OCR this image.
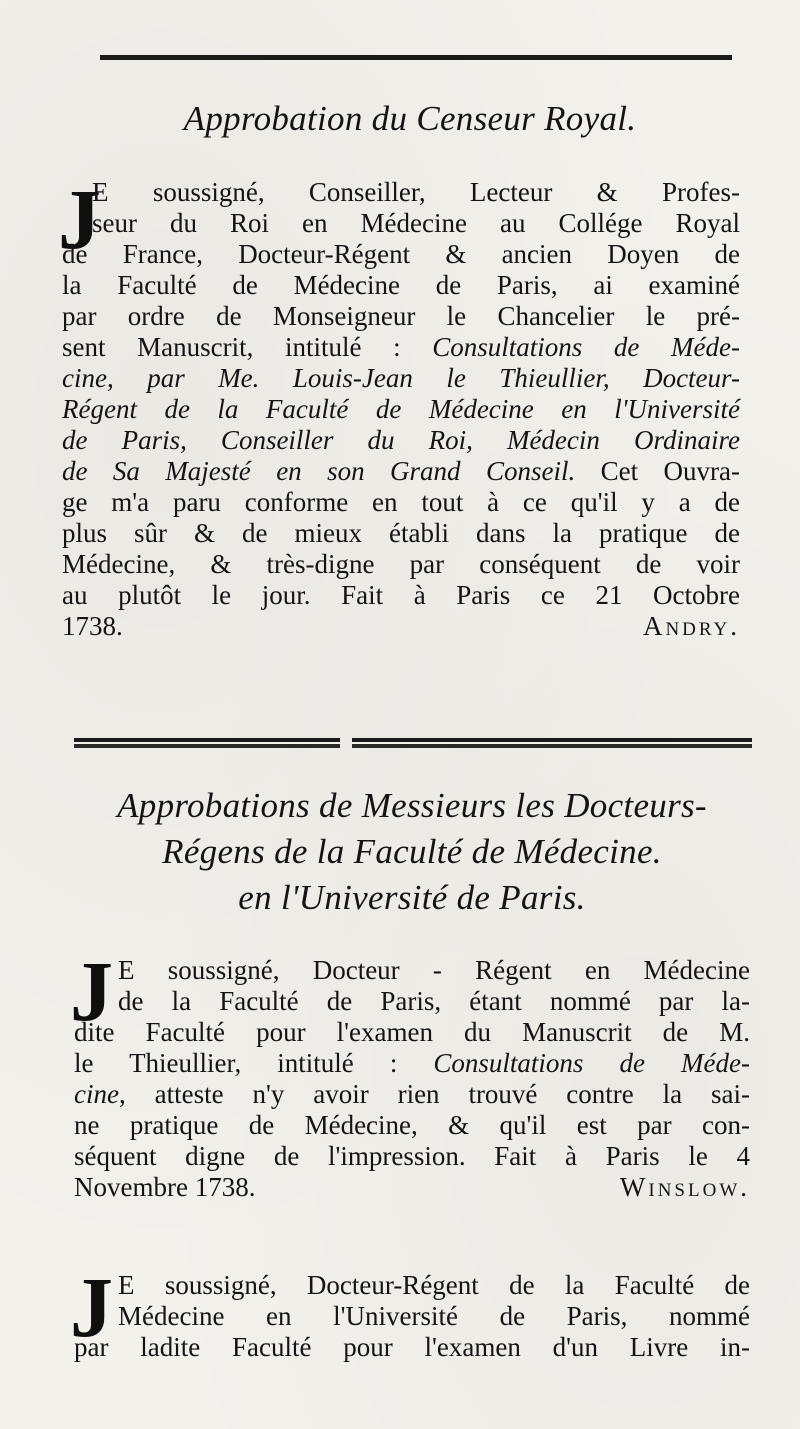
Approbation du Censeur Royal.
J
E soussigné, Conseiller, Lecteur & Profes-
seur du Roi en Médecine au Collége Royal
de France, Docteur-Régent & ancien Doyen de
la Faculté de Médecine de Paris, ai examiné
par ordre de Monseigneur le Chancelier le pré-
sent Manuscrit, intitulé : Consultations de Méde-
cine, par Me. Louis-Jean le Thieullier, Docteur-
Régent de la Faculté de Médecine en l'Université
de Paris, Conseiller du Roi, Médecin Ordinaire
de Sa Majesté en son Grand Conseil. Cet Ouvra-
ge m'a paru conforme en tout à ce qu'il y a de
plus sûr & de mieux établi dans la pratique de
Médecine, & très-digne par conséquent de voir
au plutôt le jour. Fait à Paris ce 21 Octobre
1738.	Andry.
Approbations de Messieurs les Docteurs-
Régens de la Faculté de Médecine.
en l'Université de Paris.
J E soussigné, Docteur - Régent en Médecine
de la Faculté de Paris, étant nommé par la-
dite Faculté pour l'examen du Manuscrit de M.
le Thieullier, intitulé : Consultations de Méde-
cine, atteste n'y avoir rien trouvé contre la sai-
ne pratique de Médecine, & qu'il est par con-
séquent digne de l'impression. Fait à Paris le 4
Novembre 1738.	Winslow.
J E soussigné, Docteur-Régent de la Faculté de
Médecine en l'Université de Paris, nommé
par ladite Faculté pour l'examen d'un Livre in-
